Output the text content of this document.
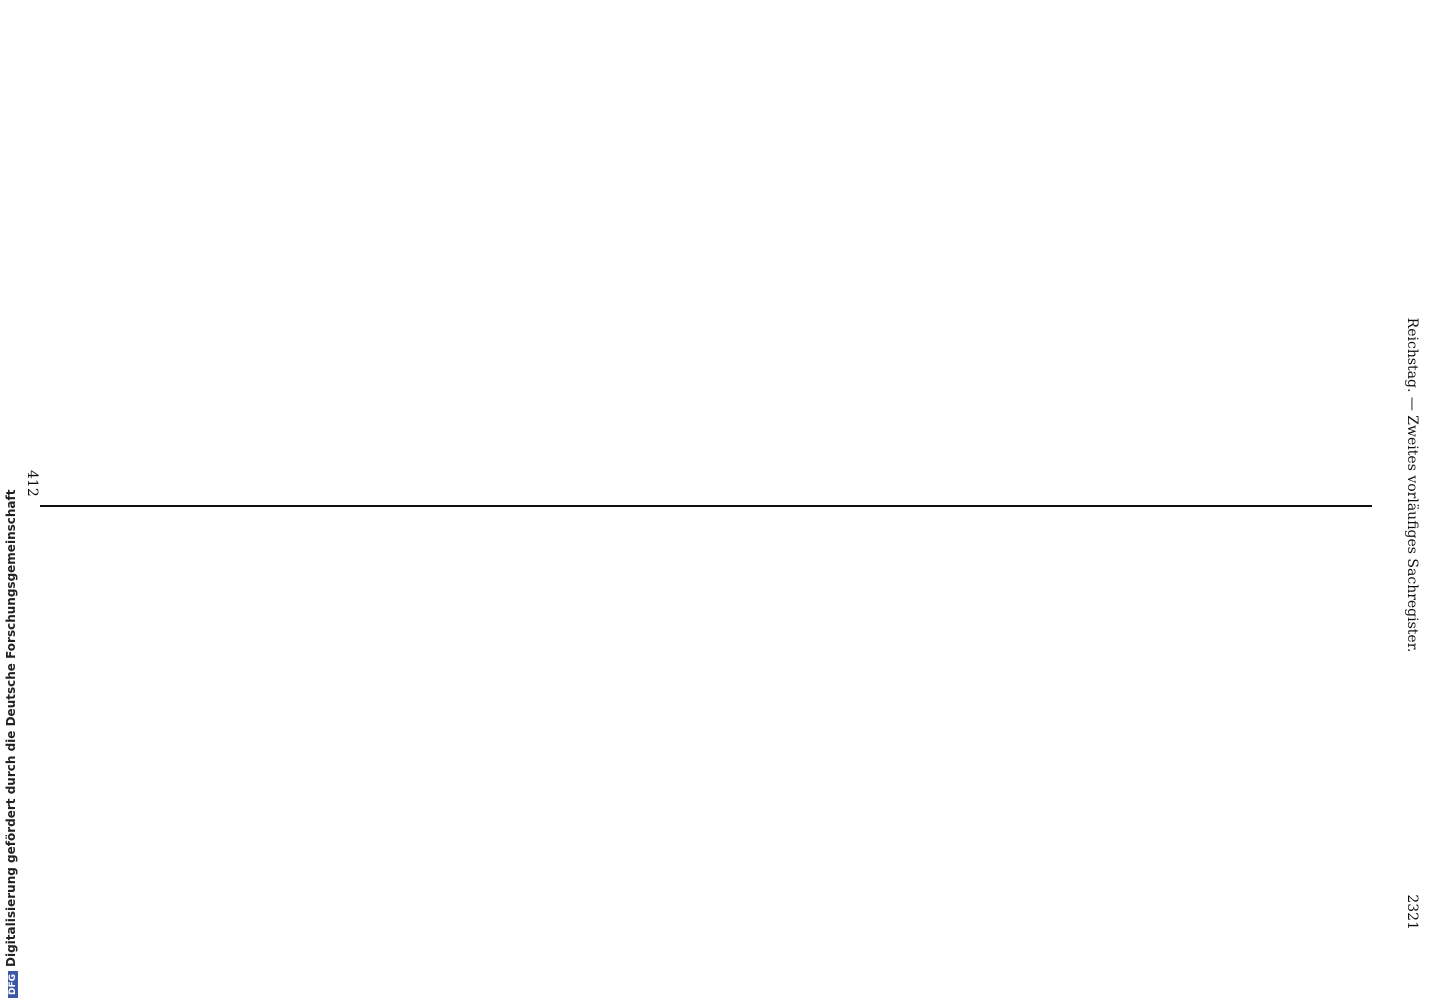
Reichstag. — Zweites vorläufiges Sachregister.
2321

412
DFGDigitalisierung gefördert durch die Deutsche Forschungsgemeinschaft
